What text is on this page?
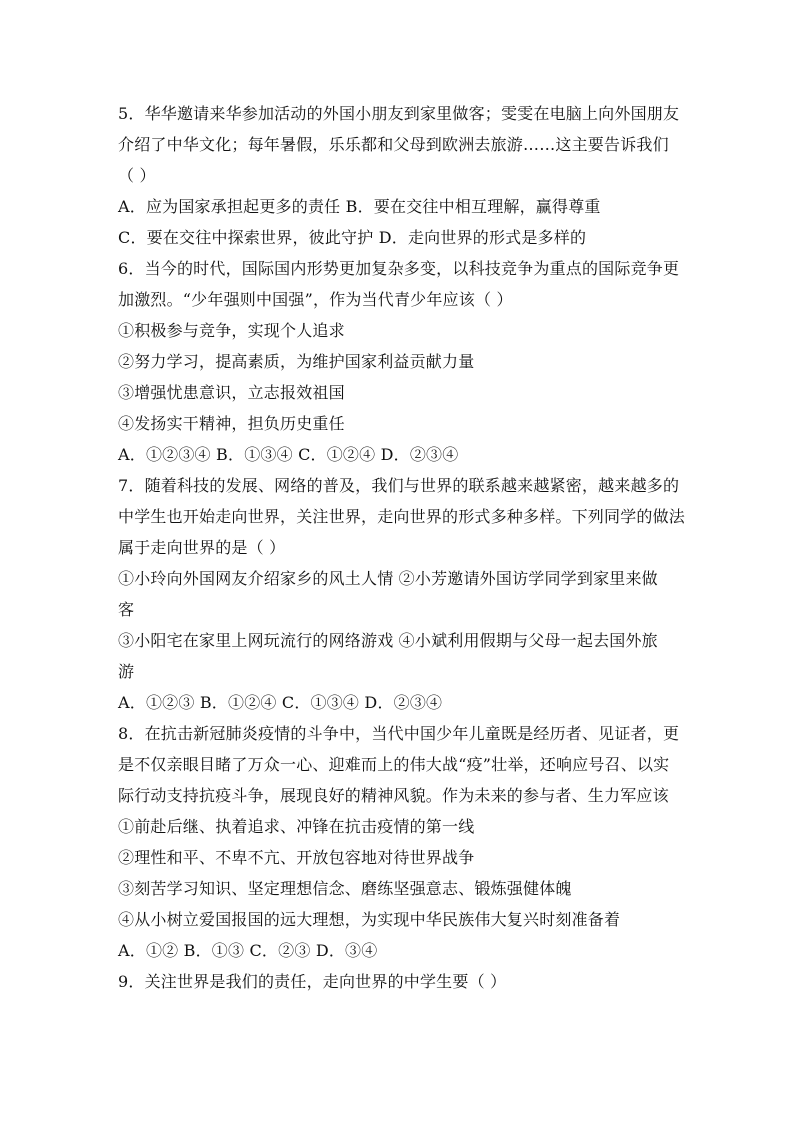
5．华华邀请来华参加活动的外国小朋友到家里做客；雯雯在电脑上向外国朋友
介绍了中华文化；每年暑假，乐乐都和父母到欧洲去旅游……这主要告诉我们
（ ）
A．应为国家承担起更多的责任 B．要在交往中相互理解，赢得尊重
C．要在交往中探索世界，彼此守护 D．走向世界的形式是多样的
6．当今的时代，国际国内形势更加复杂多变，以科技竞争为重点的国际竞争更
加激烈。“少年强则中国强”，作为当代青少年应该（ ）
①积极参与竞争，实现个人追求
②努力学习，提高素质，为维护国家利益贡献力量
③增强忧患意识，立志报效祖国
④发扬实干精神，担负历史重任
A．①②③④ B．①③④ C．①②④ D．②③④
7．随着科技的发展、网络的普及，我们与世界的联系越来越紧密，越来越多的
中学生也开始走向世界，关注世界，走向世界的形式多种多样。下列同学的做法
属于走向世界的是（ ）
①小玲向外国网友介绍家乡的风土人情 ②小芳邀请外国访学同学到家里来做
客
③小阳宅在家里上网玩流行的网络游戏 ④小斌利用假期与父母一起去国外旅
游
A．①②③ B．①②④ C．①③④ D．②③④
8．在抗击新冠肺炎疫情的斗争中，当代中国少年儿童既是经历者、见证者，更
是不仅亲眼目睹了万众一心、迎难而上的伟大战“疫”壮举，还响应号召、以实
际行动支持抗疫斗争，展现良好的精神风貌。作为未来的参与者、生力军应该
①前赴后继、执着追求、冲锋在抗击疫情的第一线
②理性和平、不卑不亢、开放包容地对待世界战争
③刻苦学习知识、坚定理想信念、磨练坚强意志、锻炼强健体魄
④从小树立爱国报国的远大理想，为实现中华民族伟大复兴时刻准备着
A．①② B．①③ C．②③ D．③④
9．关注世界是我们的责任，走向世界的中学生要（ ）
